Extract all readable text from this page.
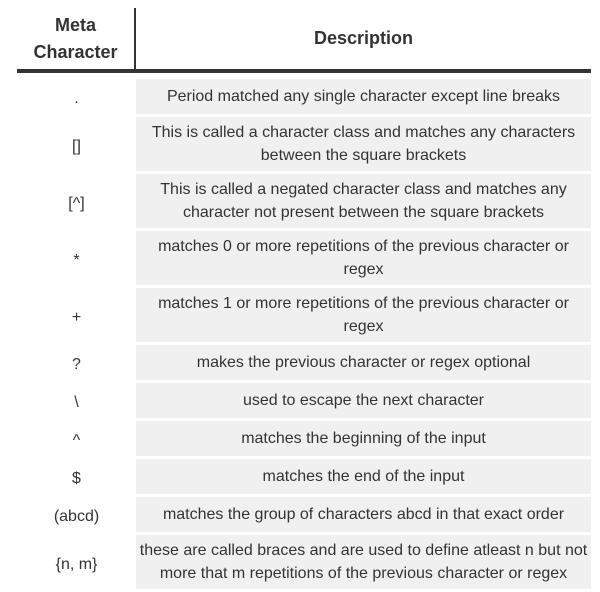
Meta
Character	Description

.	Period matched any single character except line breaks
[]	This is called a character class and matches any characters between the square brackets
[^]	This is called a negated character class and matches any character not present between the square brackets
*	matches 0 or more repetitions of the previous character or regex
+	matches 1 or more repetitions of the previous character or regex
?	makes the previous character or regex optional
\	used to escape the next character
^	matches the beginning of the input
$	matches the end of the input
(abcd)	matches the group of characters abcd in that exact order
{n, m}	these are called braces and are used to define atleast n but not more that m repetitions of the previous character or regex
